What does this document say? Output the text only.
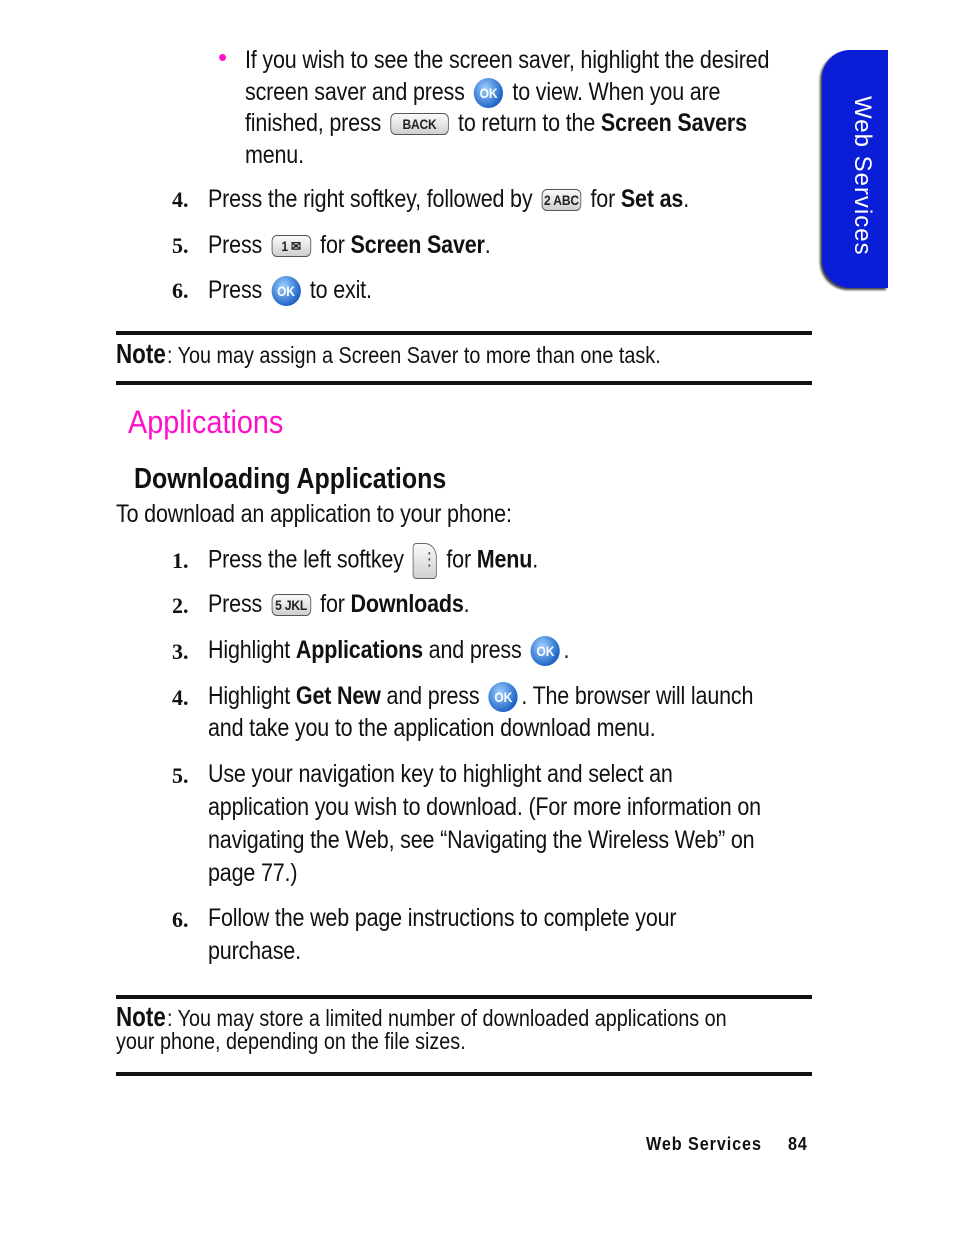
Web Services
• If you wish to see the screen saver, highlight the desired
screen saver and press OK to view. When you are
finished, press BACK to return to the Screen Savers
menu.
4. Press the right softkey, followed by 2 ABC for Set as.
5. Press 1 ✉ for Screen Saver.
6. Press OK to exit.
Note: You may assign a Screen Saver to more than one task.
Applications
Downloading Applications
To download an application to your phone:
1. Press the left softkey ⋮ for Menu.
2. Press 5 JKL for Downloads.
3. Highlight Applications and press OK .
4. Highlight Get New and press OK . The browser will launch
and take you to the application download menu.
5. Use your navigation key to highlight and select an
application you wish to download. (For more information on
navigating the Web, see “Navigating the Wireless Web” on
page 77.)
6. Follow the web page instructions to complete your
purchase.
Note: You may store a limited number of downloaded applications on
your phone, depending on the file sizes.
Web Services 84
